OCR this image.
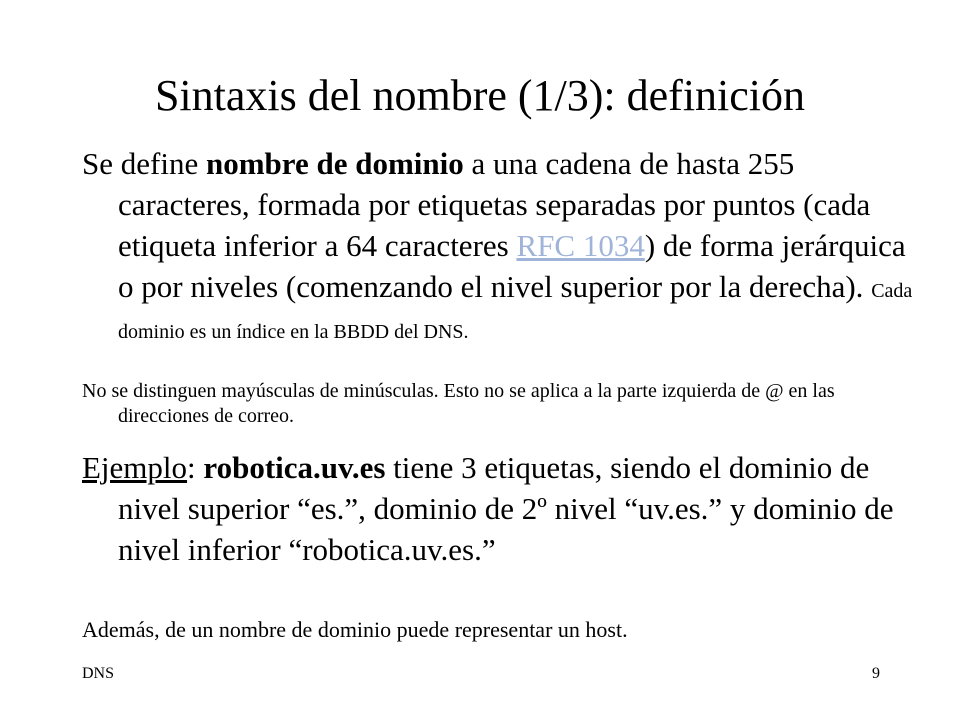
Sintaxis del nombre (1/3): definición

Se define nombre de dominio a una cadena de hasta 255 caracteres, formada por etiquetas separadas por puntos (cada etiqueta inferior a 64 caracteres RFC 1034) de forma jerárquica o por niveles (comenzando el nivel superior por la derecha). Cada dominio es un índice en la BBDD del DNS.

No se distinguen mayúsculas de minúsculas. Esto no se aplica a la parte izquierda de @ en las direcciones de correo.

Ejemplo: robotica.uv.es tiene 3 etiquetas, siendo el dominio de nivel superior “es.”, dominio de 2º nivel “uv.es.” y dominio de nivel inferior “robotica.uv.es.”

Además, de un nombre de dominio puede representar un host.

DNS	9
